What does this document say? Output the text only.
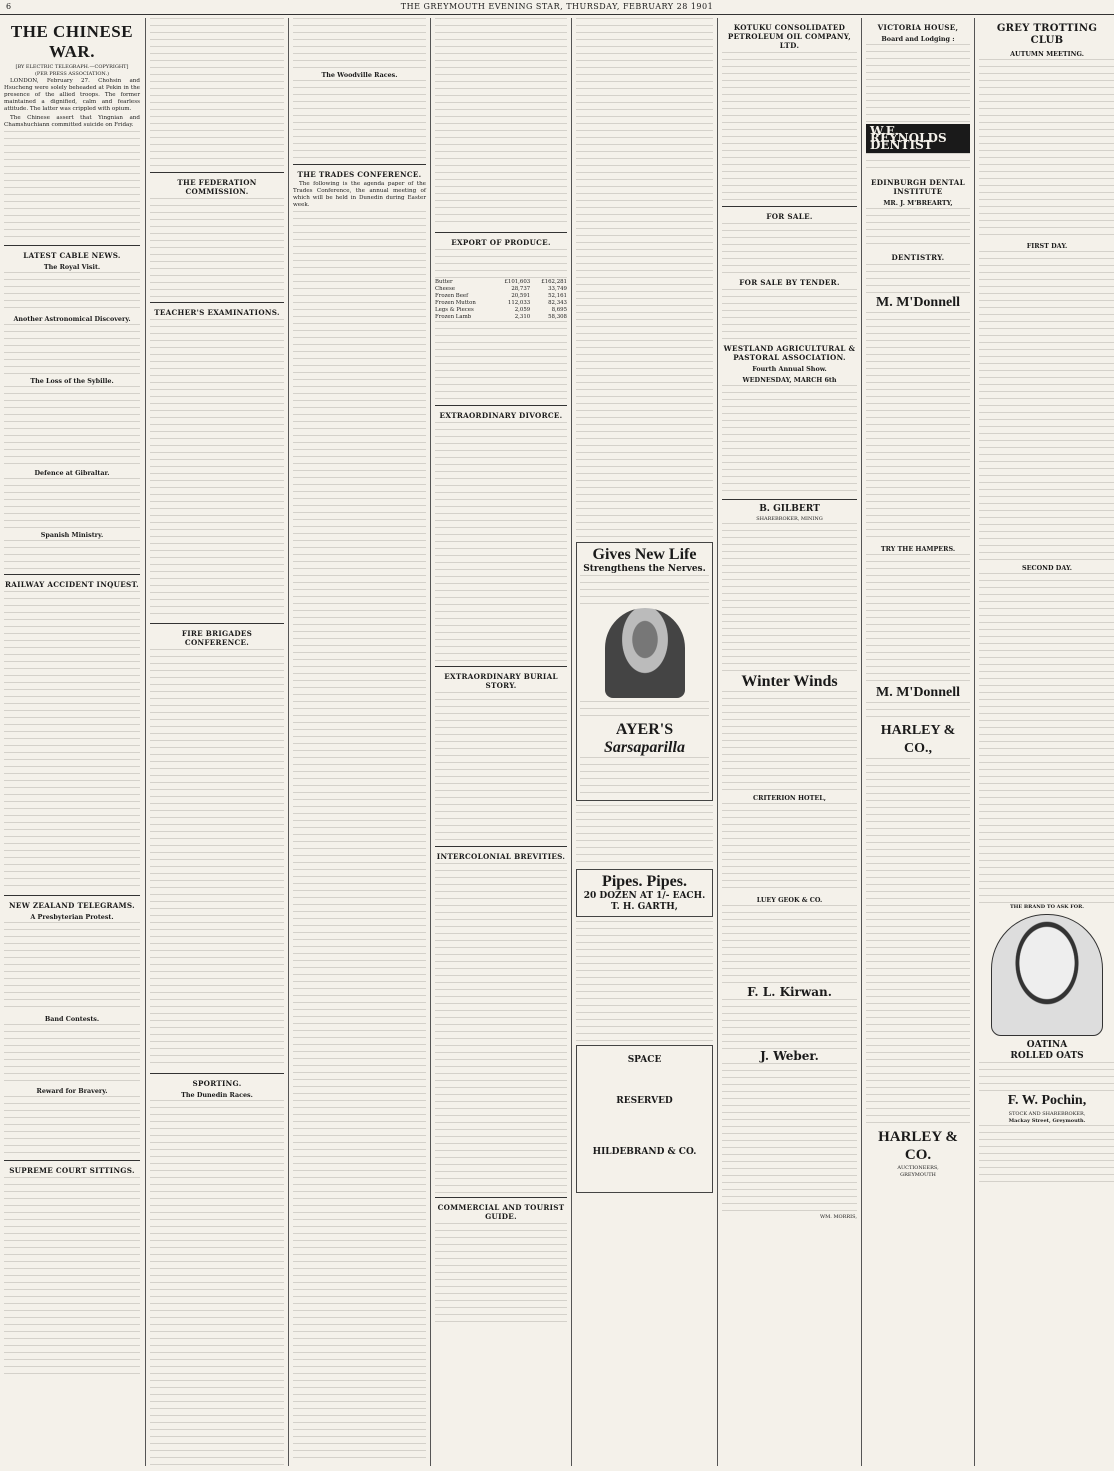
6	THE GREYMOUTH EVENING STAR, THURSDAY, FEBRUARY 28 1901
THE CHINESE WAR.
[BY ELECTRIC TELEGRAPH.—COPYRIGHT]
(PER PRESS ASSOCIATION.)

LONDON, February 27. Chohsin and Hsucheng were solely beheaded at Pekin in the presence of the allied troops. The former maintained a dignified, calm and fearless attitude. The latter was crippled with opium.

The Chinese assert that Yingnian and Chamshuchiann committed suicide on Friday.

LATEST CABLE NEWS.
The Royal Visit.
Another Astronomical Discovery.
The Loss of the Sybille.
Defence at Gibraltar.
Spanish Ministry.
RAILWAY ACCIDENT INQUEST.
NEW ZEALAND TELEGRAMS.
A Presbyterian Protest.
Band Contests.
Reward for Bravery.
SUPREME COURT SITTINGS.
THE FEDERATION COMMISSION.
TEACHER'S EXAMINATIONS.
FIRE BRIGADES CONFERENCE.
SPORTING.
The Dunedin Races.
The Woodville Races.
THE TRADES CONFERENCE.

The following is the agenda paper of the Trades Conference, the annual meeting of which will be held in Dunedin during Easter week.

EXPORT OF PRODUCE.
Butter	£101,603	£162,281
Cheese	28,737	33,749
Frozen Beef	20,591	52,161
Frozen Mutton	112,033	82,343
Legs & Pieces	2,059	8,695
Frozen Lamb	2,310	58,308
EXTRAORDINARY DIVORCE.
EXTRAORDINARY BURIAL STORY.
INTERCOLONIAL BREVITIES.
COMMERCIAL AND TOURIST GUIDE.
Gives New Life
Strengthens the Nerves.
AYER'S
Sarsaparilla
Pipes. Pipes.
20 DOZEN AT 1/- EACH.
T. H. GARTH,
SPACE
RESERVED
HILDEBRAND & CO.
KOTUKU CONSOLIDATED PETROLEUM OIL COMPANY, LTD.
FOR SALE.
FOR SALE BY TENDER.
WESTLAND AGRICULTURAL & PASTORAL ASSOCIATION.
Fourth Annual Show.
WEDNESDAY, MARCH 6th
B. GILBERT
SHAREBROKER, MINING
Winter Winds
CRITERION HOTEL,
LUEY GEOK & CO.
F. L. Kirwan.
J. Weber.
WM. MORRIS,
VICTORIA HOUSE,
Board and Lodging :
W.E. REYNOLDS DENTIST
EDINBURGH DENTAL INSTITUTE
MR. J. M'BREARTY,
DENTISTRY.
M. M'Donnell
TRY THE HAMPERS.
M. M'Donnell
HARLEY & CO.,
HARLEY & CO.
AUCTIONEERS,
GREYMOUTH
GREY TROTTING CLUB
AUTUMN MEETING.
FIRST DAY.
SECOND DAY.
THE BRAND TO ASK FOR.
OATINA
ROLLED OATS
F. W. Pochin,
STOCK AND SHAREBROKER,
Mackay Street, Greymouth.
